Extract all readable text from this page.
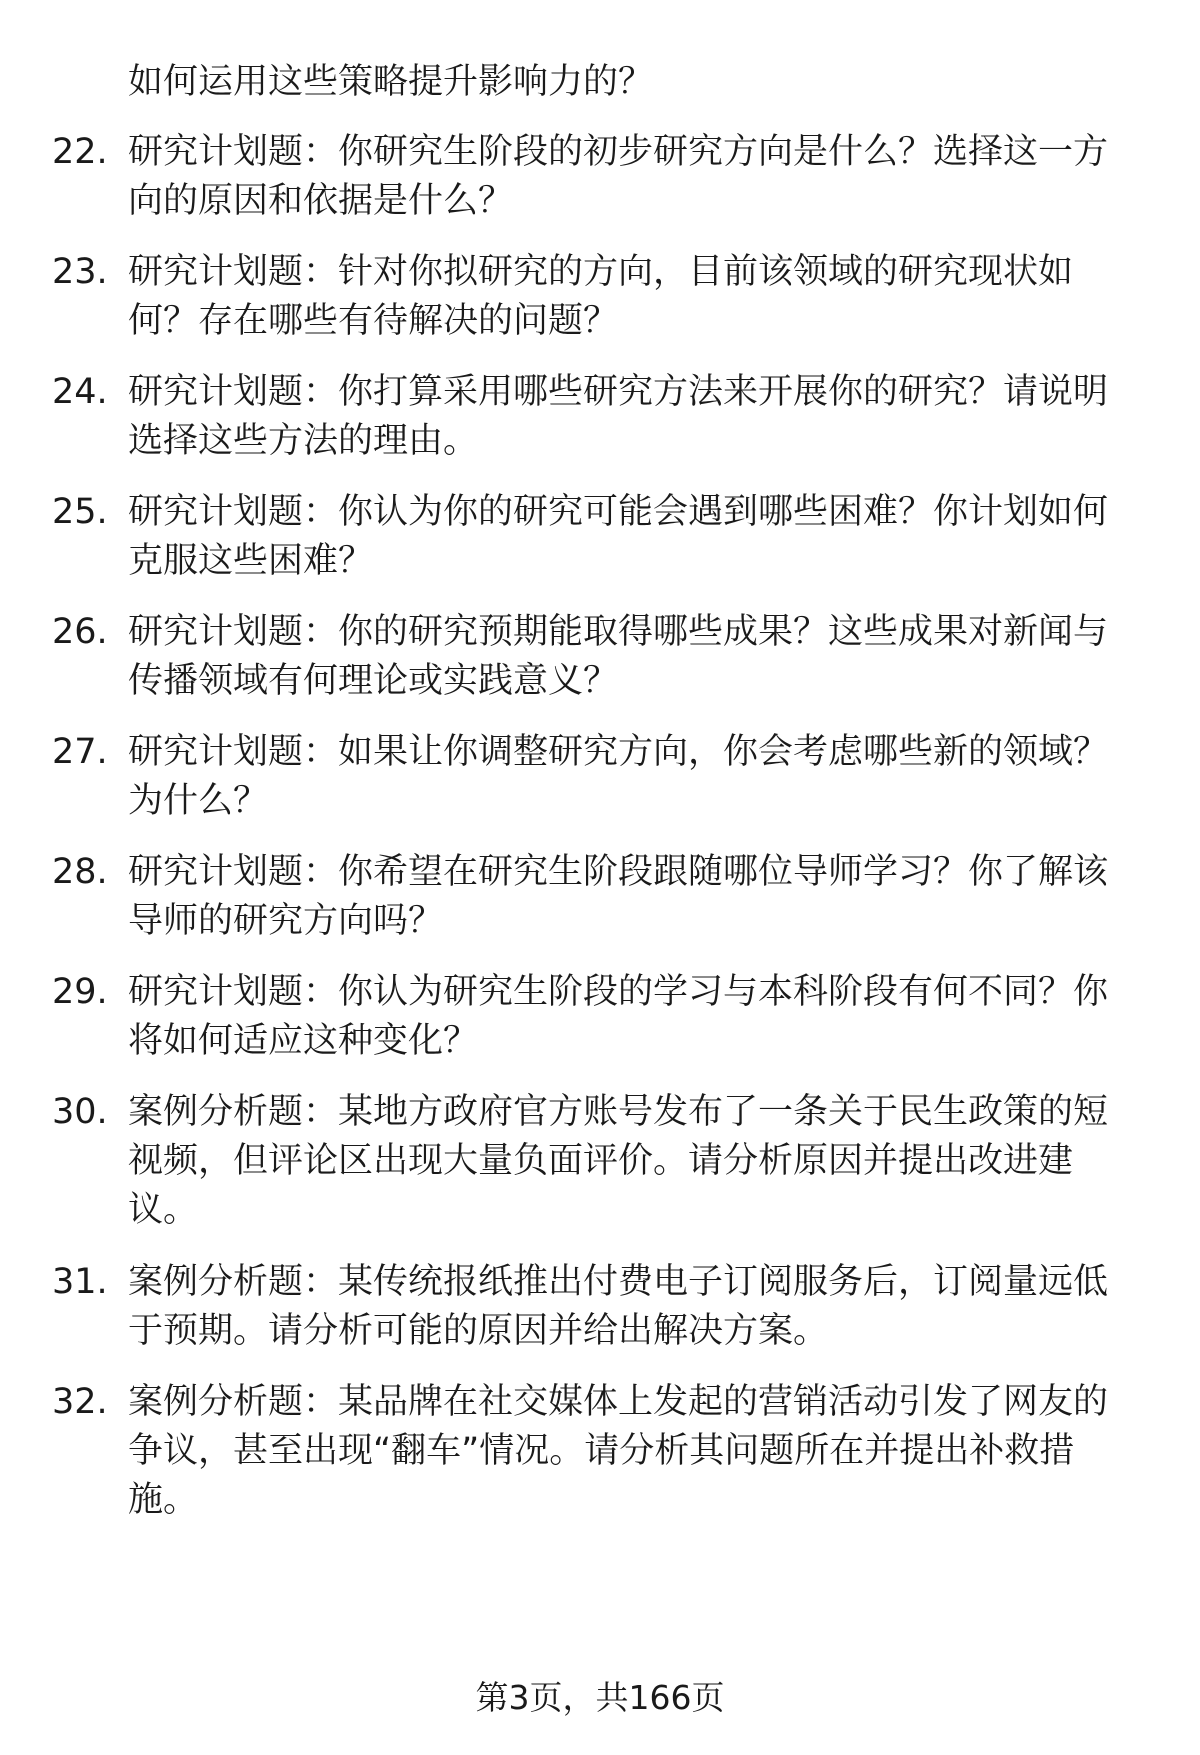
如何运用这些策略提升影响力的？
22. 研究计划题：你研究生阶段的初步研究方向是什么？选择这一方向的原因和依据是什么？
23. 研究计划题：针对你拟研究的方向，目前该领域的研究现状如何？存在哪些有待解决的问题？
24. 研究计划题：你打算采用哪些研究方法来开展你的研究？请说明选择这些方法的理由。
25. 研究计划题：你认为你的研究可能会遇到哪些困难？你计划如何克服这些困难？
26. 研究计划题：你的研究预期能取得哪些成果？这些成果对新闻与传播领域有何理论或实践意义？
27. 研究计划题：如果让你调整研究方向，你会考虑哪些新的领域？为什么？
28. 研究计划题：你希望在研究生阶段跟随哪位导师学习？你了解该导师的研究方向吗？
29. 研究计划题：你认为研究生阶段的学习与本科阶段有何不同？你将如何适应这种变化？
30. 案例分析题：某地方政府官方账号发布了一条关于民生政策的短视频，但评论区出现大量负面评价。请分析原因并提出改进建议。
31. 案例分析题：某传统报纸推出付费电子订阅服务后，订阅量远低于预期。请分析可能的原因并给出解决方案。
32. 案例分析题：某品牌在社交媒体上发起的营销活动引发了网友的争议，甚至出现“翻车”情况。请分析其问题所在并提出补救措施。
第3页，共166页
